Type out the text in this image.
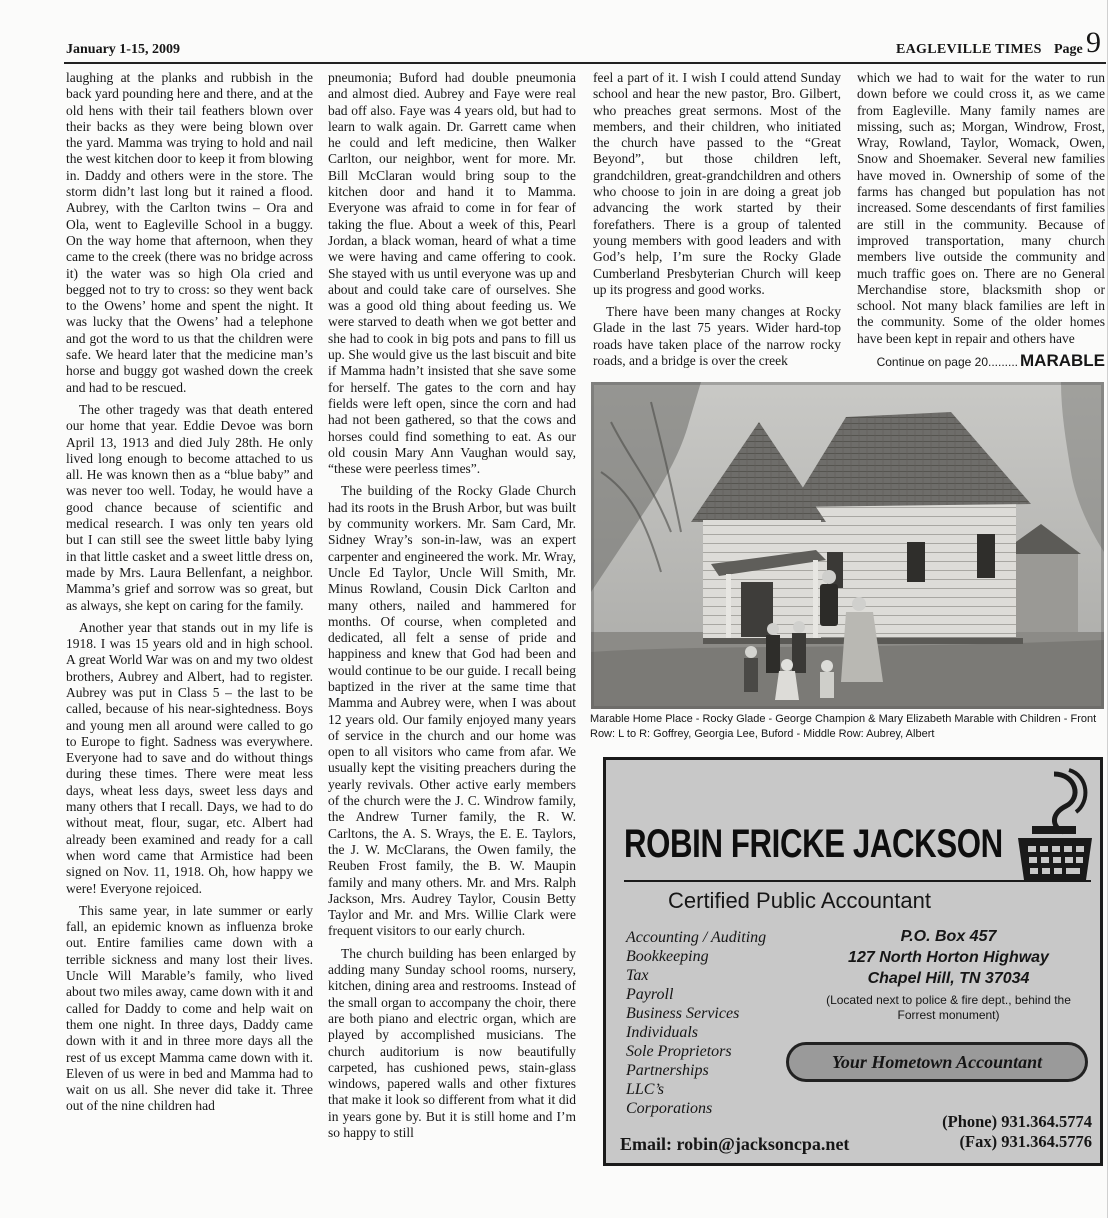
January 1-15, 2009	EAGLEVILLE TIMES Page 9

laughing at the planks and rubbish in the back yard pounding here and there, and at the old hens with their tail feathers blown over their backs as they were being blown over the yard. Mamma was trying to hold and nail the west kitchen door to keep it from blowing in. Daddy and others were in the store. The storm didn’t last long but it rained a flood. Aubrey, with the Carlton twins – Ora and Ola, went to Eagleville School in a buggy. On the way home that afternoon, when they came to the creek (there was no bridge across it) the water was so high Ola cried and begged not to try to cross: so they went back to the Owens’ home and spent the night. It was lucky that the Owens’ had a telephone and got the word to us that the children were safe. We heard later that the medicine man’s horse and buggy got washed down the creek and had to be rescued.

The other tragedy was that death entered our home that year. Eddie Devoe was born April 13, 1913 and died July 28th. He only lived long enough to become attached to us all. He was known then as a “blue baby” and was never too well. Today, he would have a good chance because of scientific and medical research. I was only ten years old but I can still see the sweet little baby lying in that little casket and a sweet little dress on, made by Mrs. Laura Bellenfant, a neighbor. Mamma’s grief and sorrow was so great, but as always, she kept on caring for the family.

Another year that stands out in my life is 1918. I was 15 years old and in high school. A great World War was on and my two oldest brothers, Aubrey and Albert, had to register. Aubrey was put in Class 5 – the last to be called, because of his near-sightedness. Boys and young men all around were called to go to Europe to fight. Sadness was everywhere. Everyone had to save and do without things during these times. There were meat less days, wheat less days, sweet less days and many others that I recall. Days, we had to do without meat, flour, sugar, etc. Albert had already been examined and ready for a call when word came that Armistice had been signed on Nov. 11, 1918. Oh, how happy we were! Everyone rejoiced.

This same year, in late summer or early fall, an epidemic known as influenza broke out. Entire families came down with a terrible sickness and many lost their lives. Uncle Will Marable’s family, who lived about two miles away, came down with it and called for Daddy to come and help wait on them one night. In three days, Daddy came down with it and in three more days all the rest of us except Mamma came down with it. Eleven of us were in bed and Mamma had to wait on us all. She never did take it. Three out of the nine children had

pneumonia; Buford had double pneumonia and almost died. Aubrey and Faye were real bad off also. Faye was 4 years old, but had to learn to walk again. Dr. Garrett came when he could and left medicine, then Walker Carlton, our neighbor, went for more. Mr. Bill McClaran would bring soup to the kitchen door and hand it to Mamma. Everyone was afraid to come in for fear of taking the flue. About a week of this, Pearl Jordan, a black woman, heard of what a time we were having and came offering to cook. She stayed with us until everyone was up and about and could take care of ourselves. She was a good old thing about feeding us. We were starved to death when we got better and she had to cook in big pots and pans to fill us up. She would give us the last biscuit and bite if Mamma hadn’t insisted that she save some for herself. The gates to the corn and hay fields were left open, since the corn and had had not been gathered, so that the cows and horses could find something to eat. As our old cousin Mary Ann Vaughan would say, “these were peerless times”.

The building of the Rocky Glade Church had its roots in the Brush Arbor, but was built by community workers. Mr. Sam Card, Mr. Sidney Wray’s son-in-law, was an expert carpenter and engineered the work. Mr. Wray, Uncle Ed Taylor, Uncle Will Smith, Mr. Minus Rowland, Cousin Dick Carlton and many others, nailed and hammered for months. Of course, when completed and dedicated, all felt a sense of pride and happiness and knew that God had been and would continue to be our guide. I recall being baptized in the river at the same time that Mamma and Aubrey were, when I was about 12 years old. Our family enjoyed many years of service in the church and our home was open to all visitors who came from afar. We usually kept the visiting preachers during the yearly revivals. Other active early members of the church were the J. C. Windrow family, the Andrew Turner family, the R. W. Carltons, the A. S. Wrays, the E. E. Taylors, the J. W. McClarans, the Owen family, the Reuben Frost family, the B. W. Maupin family and many others. Mr. and Mrs. Ralph Jackson, Mrs. Audrey Taylor, Cousin Betty Taylor and Mr. and Mrs. Willie Clark were frequent visitors to our early church.

The church building has been enlarged by adding many Sunday school rooms, nursery, kitchen, dining area and restrooms. Instead of the small organ to accompany the choir, there are both piano and electric organ, which are played by accomplished musicians. The church auditorium is now beautifully carpeted, has cushioned pews, stain-glass windows, papered walls and other fixtures that make it look so different from what it did in years gone by. But it is still home and I’m so happy to still

feel a part of it. I wish I could attend Sunday school and hear the new pastor, Bro. Gilbert, who preaches great sermons. Most of the members, and their children, who initiated the church have passed to the “Great Beyond”, but those children left, grandchildren, great-grandchildren and others who choose to join in are doing a great job advancing the work started by their forefathers. There is a group of talented young members with good leaders and with God’s help, I’m sure the Rocky Glade Cumberland Presbyterian Church will keep up its progress and good works.

There have been many changes at Rocky Glade in the last 75 years. Wider hard-top roads have taken place of the narrow rocky roads, and a bridge is over the creek

which we had to wait for the water to run down before we could cross it, as we came from Eagleville. Many family names are missing, such as; Morgan, Windrow, Frost, Wray, Rowland, Taylor, Womack, Owen, Snow and Shoemaker. Several new families have moved in. Ownership of some of the farms has changed but population has not increased. Some descendants of first families are still in the community. Because of improved transportation, many church members live outside the community and much traffic goes on. There are no General Merchandise store, blacksmith shop or school. Not many black families are left in the community. Some of the older homes have been kept in repair and others have

Continue on page 20......... MARABLE

Marable Home Place - Rocky Glade - George Champion & Mary Elizabeth Marable with Children - Front Row: L to R: Goffrey, Georgia Lee, Buford - Middle Row: Aubrey, Albert
ROBIN FRICKE JACKSON
Certified Public Accountant
Accounting / Auditing
Bookkeeping
Tax
Payroll
Business Services
Individuals
Sole Proprietors
Partnerships
LLC’s
Corporations
P.O. Box 457
127 North Horton Highway
Chapel Hill, TN 37034
(Located next to police & fire dept., behind the Forrest monument)
Your Hometown Accountant
Email: robin@jacksoncpa.net
(Phone) 931.364.5774
(Fax) 931.364.5776
